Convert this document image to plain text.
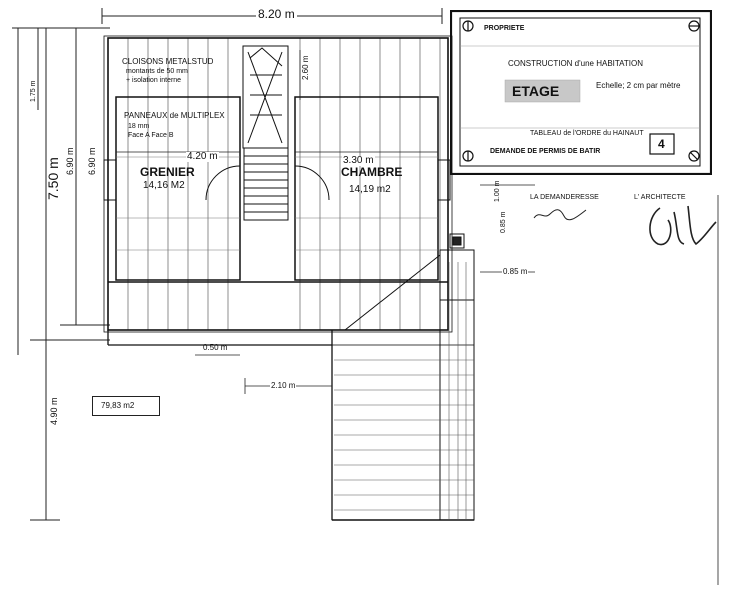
8.20 m
7.50 m 6.90 m 6.90 m
1.75 m
4.90 m
CLOISONS METALSTUD
montants de 50 mm
+ isolation interne
PANNEAUX de MULTIPLEX
18 mm
Face A Face B
4.20 m	3.30 m
2.60 m
GRENIER
14,16 M2
CHAMBRE
14,19 m2
0.50 m
2.10 m
1.00 m
0.85 m
0.85 m
79,83 m2
PROPRIETE
CONSTRUCTION d'une HABITATION
ETAGE	Echelle; 2 cm par mètre
TABLEAU de l'ORDRE du HAINAUT
4
DEMANDE DE PERMIS DE BATIR
LA DEMANDERESSE	L' ARCHITECTE
